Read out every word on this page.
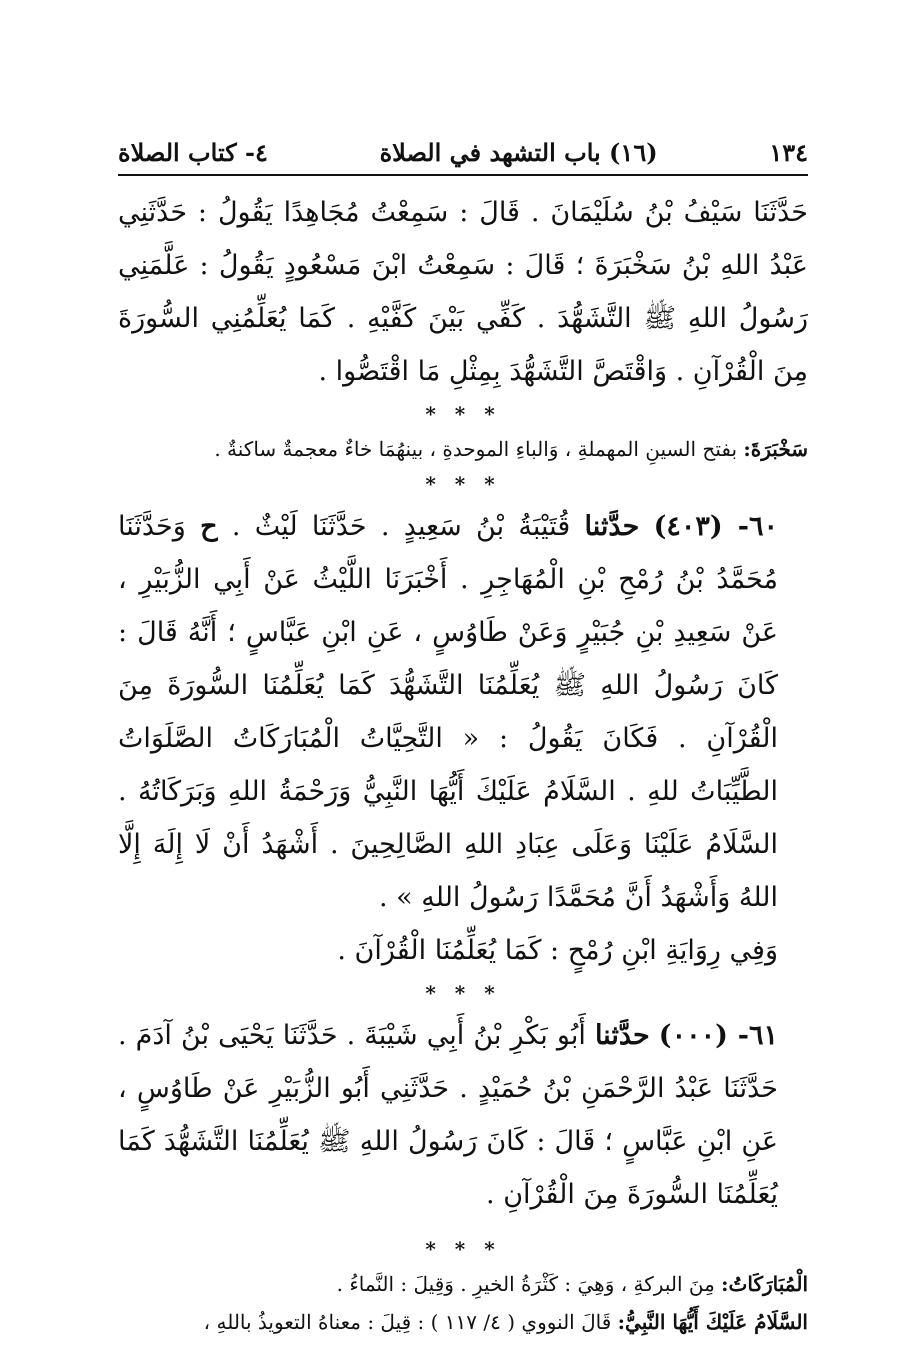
١٣٤
(١٦) باب التشهد في الصلاة
٤- كتاب الصلاة

حَدَّثَنَا سَيْفُ بْنُ سُلَيْمَانَ . قَالَ : سَمِعْتُ مُجَاهِدًا يَقُولُ : حَدَّثَنِي عَبْدُ اللهِ بْنُ سَخْبَرَةَ ؛ قَالَ : سَمِعْتُ ابْنَ مَسْعُودٍ يَقُولُ : عَلَّمَنِي رَسُولُ اللهِ ﷺ التَّشَهُّدَ . كَفِّي بَيْنَ كَفَّيْهِ . كَمَا يُعَلِّمُنِي السُّورَةَ مِنَ الْقُرْآنِ . وَاقْتَصَّ التَّشَهُّدَ بِمِثْلِ مَا اقْتَصُّوا .

* * *

سَخْبَرَةَ: بفتح السينِ المهملةِ ، وَالباءِ الموحدةِ ، بينهُمَا خاءٌ معجمةٌ ساكنةٌ .

* * *

٦٠- (٤٠٣) حدَّثنا قُتَيْبَةُ بْنُ سَعِيدٍ . حَدَّثَنَا لَيْثٌ . ح وَحَدَّثَنَا مُحَمَّدُ بْنُ رُمْحِ بْنِ الْمُهَاجِرِ . أَخْبَرَنَا اللَّيْثُ عَنْ أَبِي الزُّبَيْرِ ، عَنْ سَعِيدِ بْنِ جُبَيْرٍ وَعَنْ طَاوُسٍ ، عَنِ ابْنِ عَبَّاسٍ ؛ أَنَّهُ قَالَ : كَانَ رَسُولُ اللهِ ﷺ يُعَلِّمُنَا التَّشَهُّدَ كَمَا يُعَلِّمُنَا السُّورَةَ مِنَ الْقُرْآنِ . فَكَانَ يَقُولُ : « التَّحِيَّاتُ الْمُبَارَكَاتُ الصَّلَوَاتُ الطَّيِّبَاتُ للهِ . السَّلَامُ عَلَيْكَ أَيُّهَا النَّبِيُّ وَرَحْمَةُ اللهِ وَبَرَكَاتُهُ . السَّلَامُ عَلَيْنَا وَعَلَى عِبَادِ اللهِ الصَّالِحِينَ . أَشْهَدُ أَنْ لَا إِلَهَ إِلَّا اللهُ وَأَشْهَدُ أَنَّ مُحَمَّدًا رَسُولُ اللهِ » .

وَفِي رِوَايَةِ ابْنِ رُمْحٍ : كَمَا يُعَلِّمُنَا الْقُرْآنَ .

* * *

٦١- (٠٠٠) حدَّثنا أَبُو بَكْرِ بْنُ أَبِي شَيْبَةَ . حَدَّثَنَا يَحْيَى بْنُ آدَمَ . حَدَّثَنَا عَبْدُ الرَّحْمَنِ بْنُ حُمَيْدٍ . حَدَّثَنِي أَبُو الزُّبَيْرِ عَنْ طَاوُسٍ ، عَنِ ابْنِ عَبَّاسٍ ؛ قَالَ : كَانَ رَسُولُ اللهِ ﷺ يُعَلِّمُنَا التَّشَهُّدَ كَمَا يُعَلِّمُنَا السُّورَةَ مِنَ الْقُرْآنِ .

* * *

الْمُبَارَكَاتُ: مِنَ البركةِ ، وَهِيَ : كَثْرَةُ الخيرِ . وَقِيلَ : النَّماءُ .

السَّلَامُ عَلَيْكَ أَيُّهَا النَّبِيُّ: قَالَ النووي ( ٤/ ١١٧ ) : قِيلَ : معناهُ التعويذُ باللهِ ،
